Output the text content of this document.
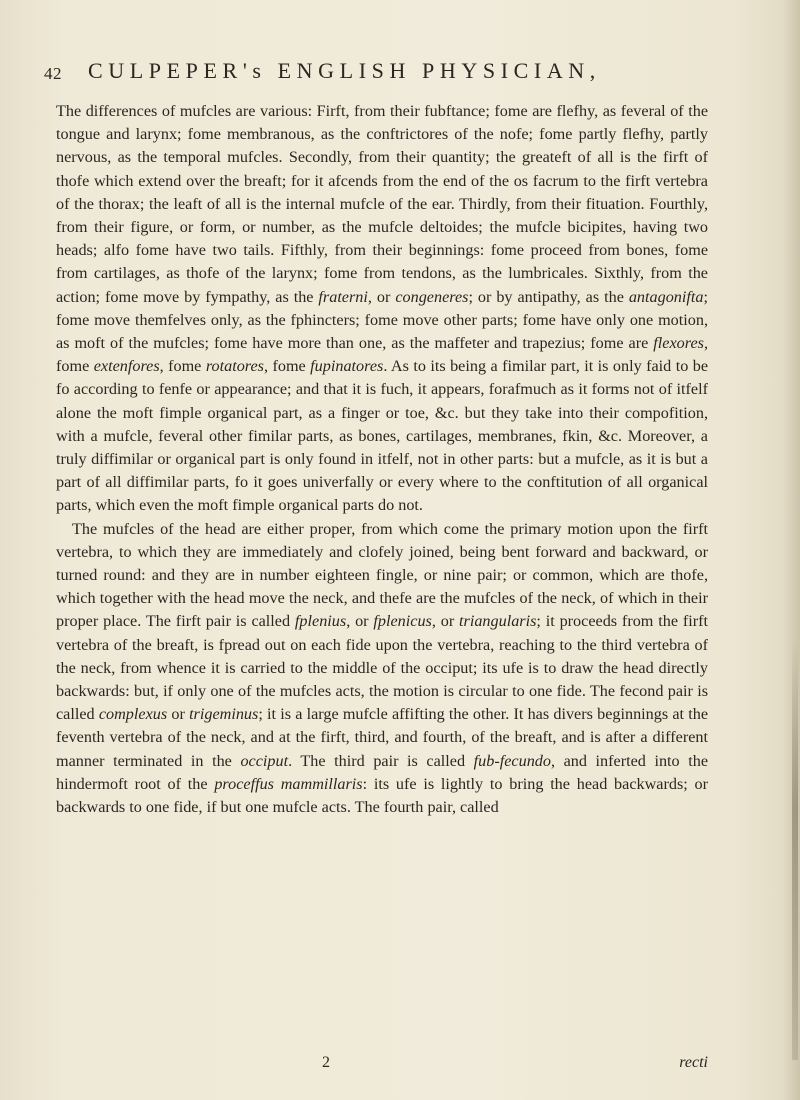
42 CULPEPER's ENGLISH PHYSICIAN,

The differences of mufcles are various: Firft, from their fubftance; fome are flefhy, as feveral of the tongue and larynx; fome membranous, as the conftrictores of the nofe; fome partly flefhy, partly nervous, as the temporal mufcles. Secondly, from their quantity; the greateft of all is the firft of thofe which extend over the breaft; for it afcends from the end of the os facrum to the firft vertebra of the thorax; the leaft of all is the internal mufcle of the ear. Thirdly, from their fituation. Fourthly, from their figure, or form, or number, as the mufcle deltoides; the mufcle bicipites, having two heads; alfo fome have two tails. Fifthly, from their beginnings: fome proceed from bones, fome from cartilages, as thofe of the larynx; fome from tendons, as the lumbricales. Sixthly, from the action; fome move by fympathy, as the fraterni, or congeneres; or by antipathy, as the antagonifta; fome move themfelves only, as the fphincters; fome move other parts; fome have only one motion, as moft of the mufcles; fome have more than one, as the maffeter and trapezius; fome are flexores, fome extenfores, fome rotatores, fome fupinatores. As to its being a fimilar part, it is only faid to be fo according to fenfe or appearance; and that it is fuch, it appears, forafmuch as it forms not of itfelf alone the moft fimple organical part, as a finger or toe, &c. but they take into their compofition, with a mufcle, feveral other fimilar parts, as bones, cartilages, membranes, fkin, &c. Moreover, a truly diffimilar or organical part is only found in itfelf, not in other parts: but a mufcle, as it is but a part of all diffimilar parts, fo it goes univerfally or every where to the conftitution of all organical parts, which even the moft fimple organical parts do not.

The mufcles of the head are either proper, from which come the primary motion upon the firft vertebra, to which they are immediately and clofely joined, being bent forward and backward, or turned round: and they are in number eighteen fingle, or nine pair; or common, which are thofe, which together with the head move the neck, and thefe are the mufcles of the neck, of which in their proper place. The firft pair is called fplenius, or fplenicus, or triangularis; it proceeds from the firft vertebra of the breaft, is fpread out on each fide upon the vertebra, reaching to the third vertebra of the neck, from whence it is carried to the middle of the occiput; its ufe is to draw the head directly backwards: but, if only one of the mufcles acts, the motion is circular to one fide. The fecond pair is called complexus or trigeminus; it is a large mufcle affifting the other. It has divers beginnings at the feventh vertebra of the neck, and at the firft, third, and fourth, of the breaft, and is after a different manner terminated in the occiput. The third pair is called fub-fecundo, and inferted into the hindermoft root of the proceffus mammillaris: its ufe is lightly to bring the head backwards; or backwards to one fide, if but one mufcle acts. The fourth pair, called

2	recti
